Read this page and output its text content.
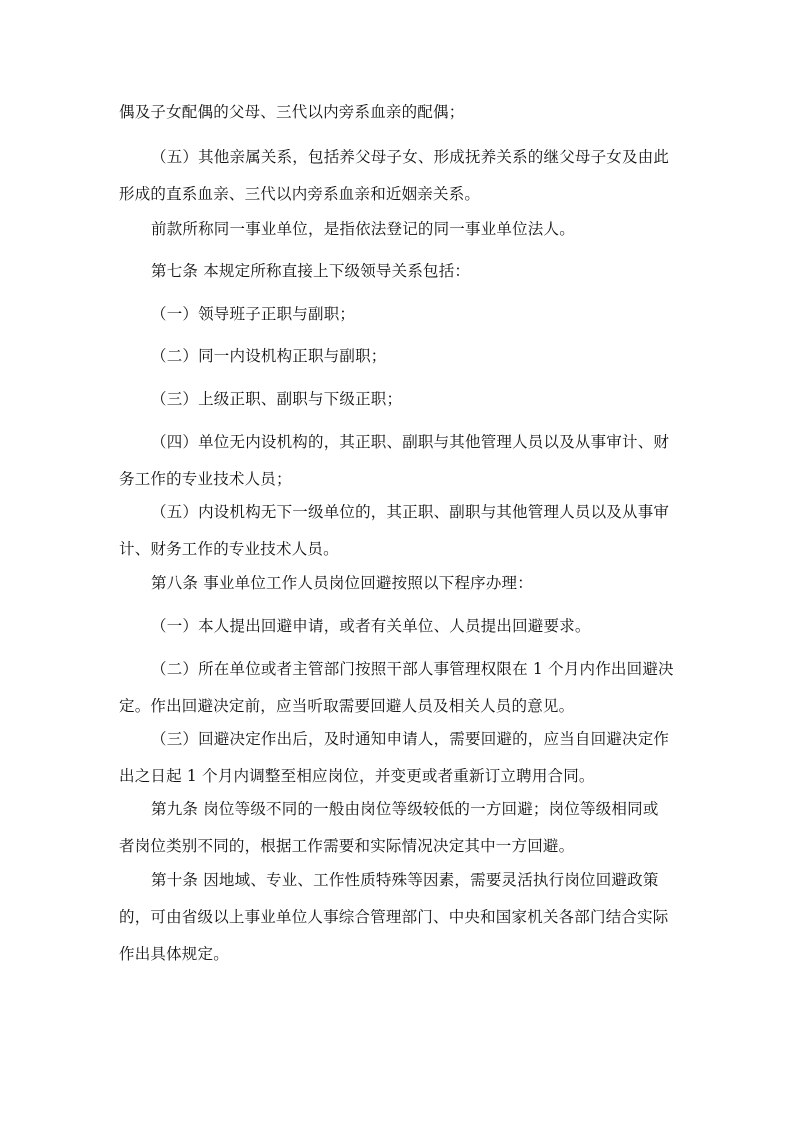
偶及子女配偶的父母、三代以内旁系血亲的配偶；

（五）其他亲属关系，包括养父母子女、形成抚养关系的继父母子女及由此
形成的直系血亲、三代以内旁系血亲和近姻亲关系。

前款所称同一事业单位，是指依法登记的同一事业单位法人。

第七条 本规定所称直接上下级领导关系包括：

（一）领导班子正职与副职；

（二）同一内设机构正职与副职；

（三）上级正职、副职与下级正职；

（四）单位无内设机构的，其正职、副职与其他管理人员以及从事审计、财
务工作的专业技术人员；

（五）内设机构无下一级单位的，其正职、副职与其他管理人员以及从事审
计、财务工作的专业技术人员。

第八条 事业单位工作人员岗位回避按照以下程序办理：

（一）本人提出回避申请，或者有关单位、人员提出回避要求。

（二）所在单位或者主管部门按照干部人事管理权限在 1 个月内作出回避决
定。作出回避决定前，应当听取需要回避人员及相关人员的意见。

（三）回避决定作出后，及时通知申请人，需要回避的，应当自回避决定作
出之日起 1 个月内调整至相应岗位，并变更或者重新订立聘用合同。

第九条 岗位等级不同的一般由岗位等级较低的一方回避；岗位等级相同或
者岗位类别不同的，根据工作需要和实际情况决定其中一方回避。

第十条 因地域、专业、工作性质特殊等因素，需要灵活执行岗位回避政策
的，可由省级以上事业单位人事综合管理部门、中央和国家机关各部门结合实际
作出具体规定。
